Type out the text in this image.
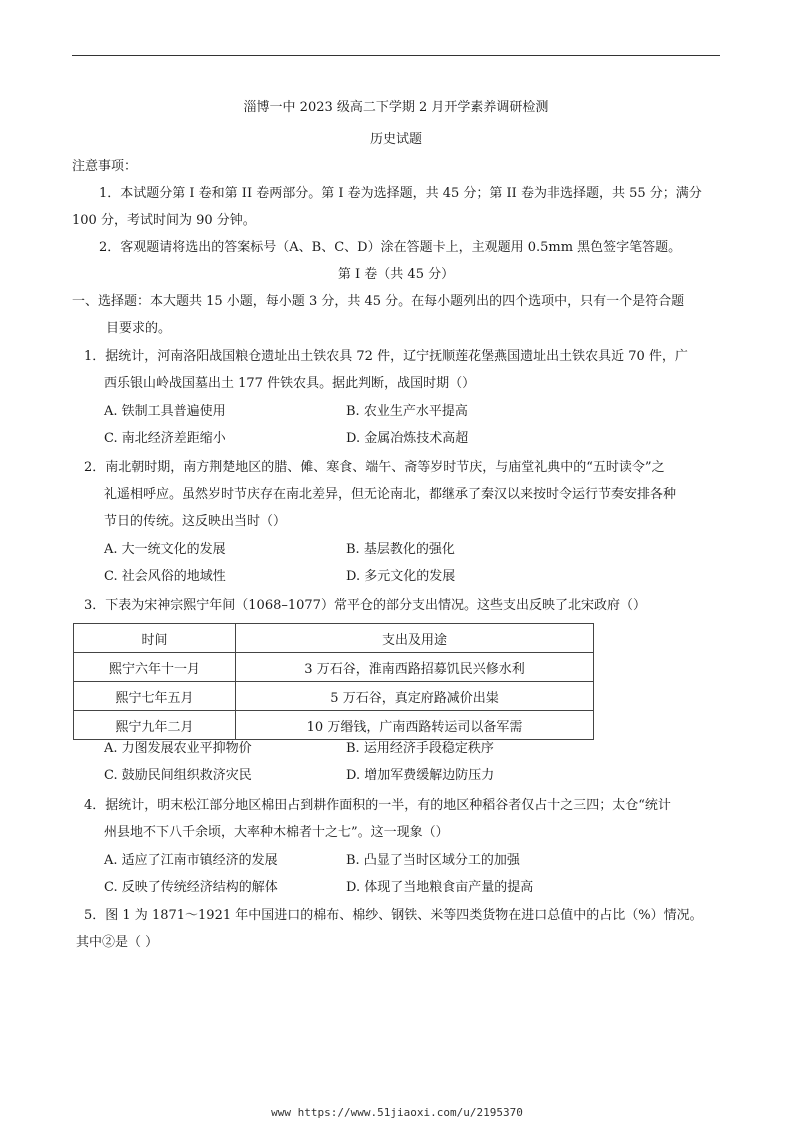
淄博一中 2023 级高二下学期 2 月开学素养调研检测
历史试题
注意事项：
1．本试题分第 I 卷和第 II 卷两部分。第 I 卷为选择题，共 45 分；第 II 卷为非选择题，共 55 分；满分
100 分，考试时间为 90 分钟。
2．客观题请将选出的答案标号（A、B、C、D）涂在答题卡上，主观题用 0.5mm 黑色签字笔答题。
第 I 卷（共 45 分）
一、选择题：本大题共 15 小题，每小题 3 分，共 45 分。在每小题列出的四个选项中，只有一个是符合题
目要求的。
1．据统计，河南洛阳战国粮仓遗址出土铁农具 72 件，辽宁抚顺莲花堡燕国遗址出土铁农具近 70 件，广
西乐银山岭战国墓出土 177 件铁农具。据此判断，战国时期（）
A. 铁制工具普遍使用	B. 农业生产水平提高
C. 南北经济差距缩小	D. 金属冶炼技术高超
2．南北朝时期，南方荆楚地区的腊、傩、寒食、端午、斋等岁时节庆，与庙堂礼典中的“五时读令”之
礼遥相呼应。虽然岁时节庆存在南北差异，但无论南北，都继承了秦汉以来按时令运行节奏安排各种
节日的传统。这反映出当时（）
A. 大一统文化的发展	B. 基层教化的强化
C. 社会风俗的地域性	D. 多元文化的发展
3．下表为宋神宗熙宁年间（1068–1077）常平仓的部分支出情况。这些支出反映了北宋政府（）
时间	支出及用途
熙宁六年十一月	3 万石谷，淮南西路招募饥民兴修水利
熙宁七年五月	5 万石谷，真定府路减价出粜
熙宁九年二月	10 万缗钱，广南西路转运司以备军需
A. 力图发展农业平抑物价	B. 运用经济手段稳定秩序
C. 鼓励民间组织救济灾民	D. 增加军费缓解边防压力
4．据统计，明末松江部分地区棉田占到耕作面积的一半，有的地区种稻谷者仅占十之三四；太仓“统计
州县地不下八千余顷，大率种木棉者十之七”。这一现象（）
A. 适应了江南市镇经济的发展	B. 凸显了当时区域分工的加强
C. 反映了传统经济结构的解体	D. 体现了当地粮食亩产量的提高
5．图 1 为 1871～1921 年中国进口的棉布、棉纱、钢铁、米等四类货物在进口总值中的占比（%）情况。
其中②是（ ）
www https://www.51jiaoxi.com/u/2195370
